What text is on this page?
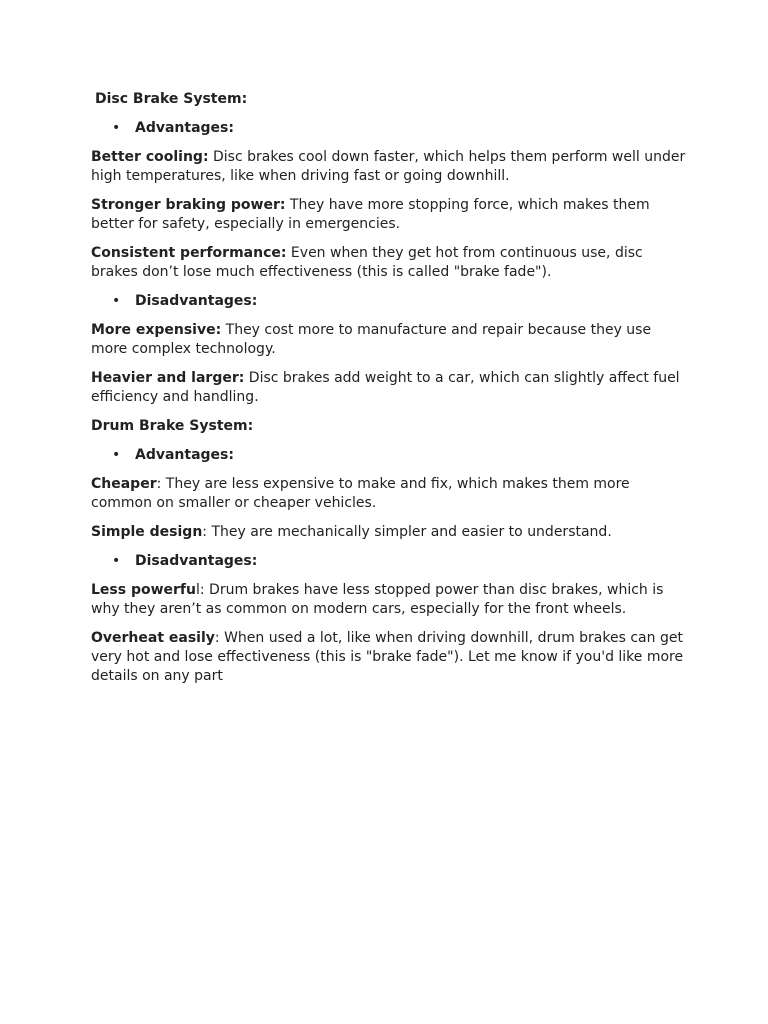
Disc Brake System:
• Advantages:

Better cooling: Disc brakes cool down faster, which helps them perform well under high temperatures, like when driving fast or going downhill.

Stronger braking power: They have more stopping force, which makes them better for safety, especially in emergencies.

Consistent performance: Even when they get hot from continuous use, disc brakes don’t lose much effectiveness (this is called "brake fade").

• Disadvantages:

More expensive: They cost more to manufacture and repair because they use more complex technology.

Heavier and larger: Disc brakes add weight to a car, which can slightly affect fuel efficiency and handling.

Drum Brake System:
• Advantages:

Cheaper: They are less expensive to make and fix, which makes them more common on smaller or cheaper vehicles.

Simple design: They are mechanically simpler and easier to understand.

• Disadvantages:

Less powerful: Drum brakes have less stopped power than disc brakes, which is why they aren’t as common on modern cars, especially for the front wheels.

Overheat easily: When used a lot, like when driving downhill, drum brakes can get very hot and lose effectiveness (this is "brake fade"). Let me know if you'd like more details on any part
